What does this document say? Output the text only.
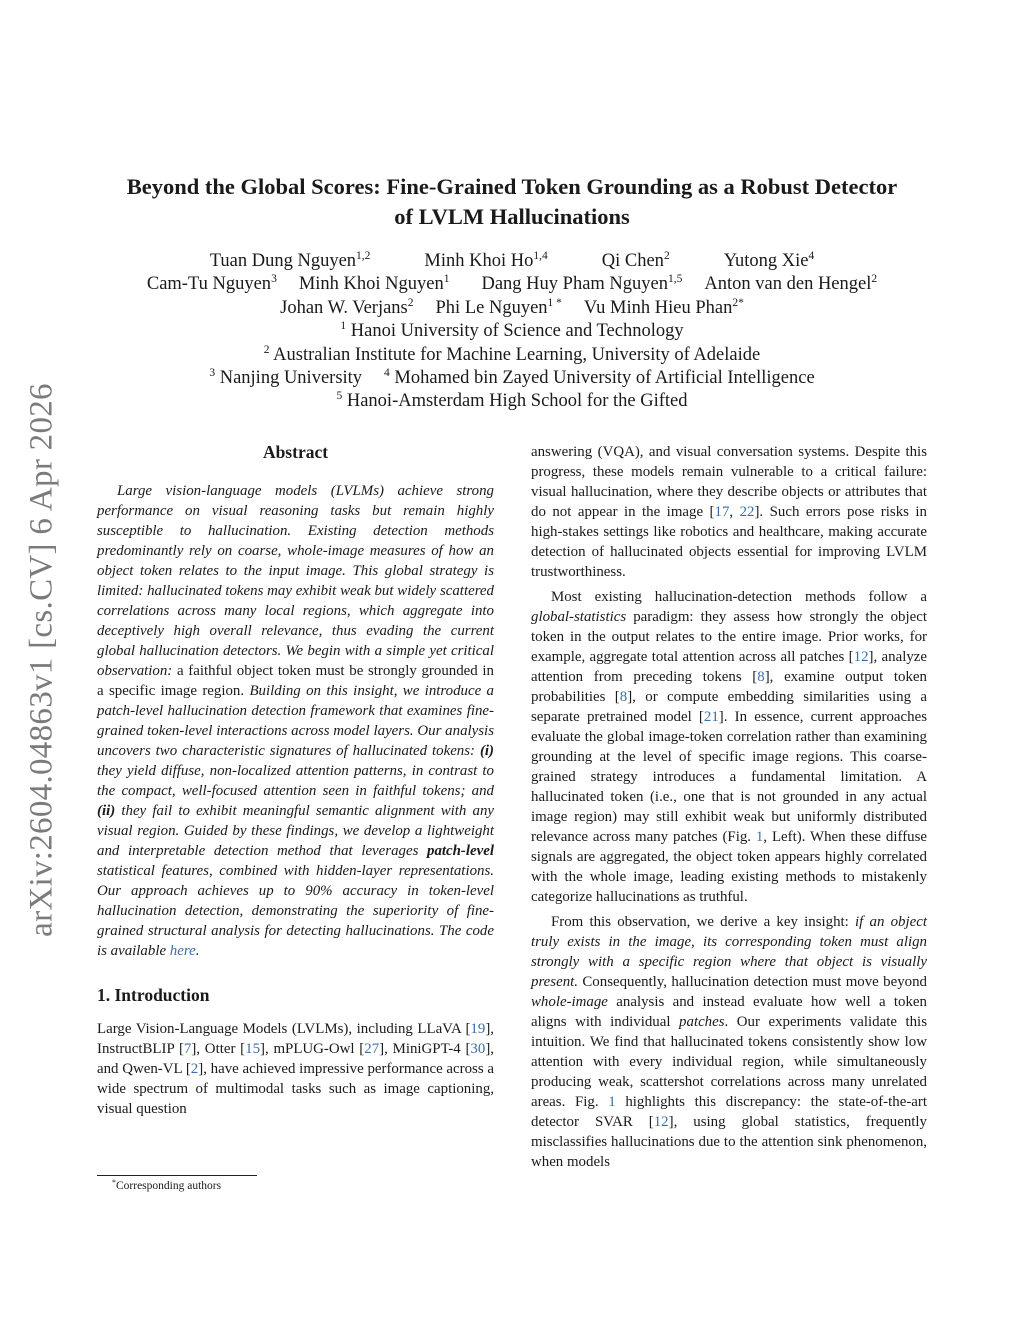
arXiv:2604.04863v1 [cs.CV] 6 Apr 2026
Beyond the Global Scores: Fine-Grained Token Grounding as a Robust Detector
of LVLM Hallucinations
Tuan Dung Nguyen$^{1,2}$	Minh Khoi Ho$^{1,4}$	Qi Chen$^2$	Yutong Xie$^4$
Cam-Tu Nguyen$^3$ Minh Khoi Nguyen$^1$ Dang Huy Pham Nguyen$^{1,5}$ Anton van den Hengel$^2$
Johan W. Verjans$^2$ Phi Le Nguyen$^{1 *}$ Vu Minh Hieu Phan$^{2*}$
$^1$ Hanoi University of Science and Technology
$^2$ Australian Institute for Machine Learning, University of Adelaide
$^3$ Nanjing University $^4$ Mohamed bin Zayed University of Artificial Intelligence
$^5$ Hanoi-Amsterdam High School for the Gifted
Abstract

Large vision-language models (LVLMs) achieve strong performance on visual reasoning tasks but remain highly susceptible to hallucination. Existing detection methods predominantly rely on coarse, whole-image measures of how an object token relates to the input image. This global strategy is limited: hallucinated tokens may exhibit weak but widely scattered correlations across many local regions, which aggregate into deceptively high overall relevance, thus evading the current global hallucination detectors. We begin with a simple yet critical observation: a faithful object token must be strongly grounded in a specific image region. Building on this insight, we introduce a patch-level hallucination detection framework that examines fine-grained token-level interactions across model layers. Our analysis uncovers two characteristic signatures of hallucinated tokens: (i) they yield diffuse, non-localized attention patterns, in contrast to the compact, well-focused attention seen in faithful tokens; and (ii) they fail to exhibit meaningful semantic alignment with any visual region. Guided by these findings, we develop a lightweight and interpretable detection method that leverages patch-level statistical features, combined with hidden-layer representations. Our approach achieves up to 90% accuracy in token-level hallucination detection, demonstrating the superiority of fine-grained structural analysis for detecting hallucinations. The code is available here.

1. Introduction

Large Vision-Language Models (LVLMs), including LLaVA [19], InstructBLIP [7], Otter [15], mPLUG-Owl [27], MiniGPT-4 [30], and Qwen-VL [2], have achieved impressive performance across a wide spectrum of multimodal tasks such as image captioning, visual question

*Corresponding authors

answering (VQA), and visual conversation systems. Despite this progress, these models remain vulnerable to a critical failure: visual hallucination, where they describe objects or attributes that do not appear in the image [17, 22]. Such errors pose risks in high-stakes settings like robotics and healthcare, making accurate detection of hallucinated objects essential for improving LVLM trustworthiness.

Most existing hallucination-detection methods follow a global-statistics paradigm: they assess how strongly the object token in the output relates to the entire image. Prior works, for example, aggregate total attention across all patches [12], analyze attention from preceding tokens [8], examine output token probabilities [8], or compute embedding similarities using a separate pretrained model [21]. In essence, current approaches evaluate the global image-token correlation rather than examining grounding at the level of specific image regions. This coarse-grained strategy introduces a fundamental limitation. A hallucinated token (i.e., one that is not grounded in any actual image region) may still exhibit weak but uniformly distributed relevance across many patches (Fig. 1, Left). When these diffuse signals are aggregated, the object token appears highly correlated with the whole image, leading existing methods to mistakenly categorize hallucinations as truthful.

From this observation, we derive a key insight: if an object truly exists in the image, its corresponding token must align strongly with a specific region where that object is visually present. Consequently, hallucination detection must move beyond whole-image analysis and instead evaluate how well a token aligns with individual patches. Our experiments validate this intuition. We find that hallucinated tokens consistently show low attention with every individual region, while simultaneously producing weak, scattershot correlations across many unrelated areas. Fig. 1 highlights this discrepancy: the state-of-the-art detector SVAR [12], using global statistics, frequently misclassifies hallucinations due to the attention sink phenomenon, when models
